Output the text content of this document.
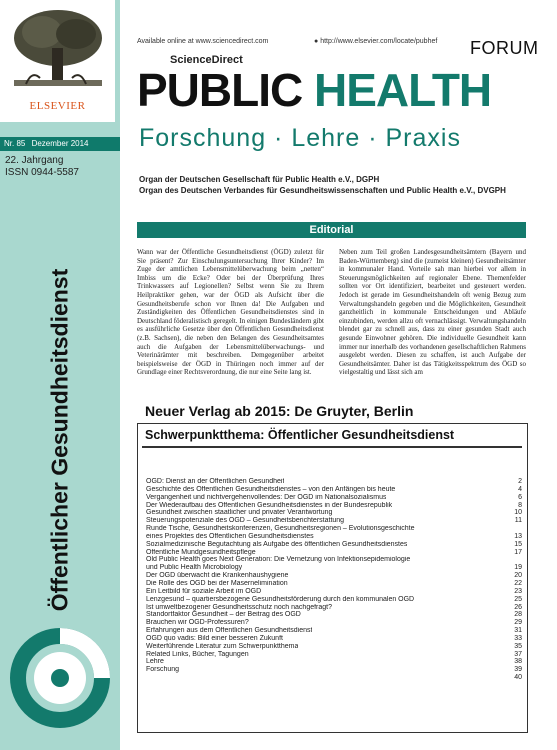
ELSEVIER
Nr. 85 Dezember 2014
22. Jahrgang
ISSN 0944-5587
Öffentlicher Gesundheitsdienst
Available online at www.sciencedirect.com
ScienceDirect
● http://www.elsevier.com/locate/pubhef FORUM
PUBLIC HEALTH
Forschung · Lehre · Praxis
Organ der Deutschen Gesellschaft für Public Health e.V., DGPH
Organ des Deutschen Verbandes für Gesundheitswissenschaften und Public Health e.V., DVGPH
Editorial
Wann war der Öffentliche Gesundheitsdienst (ÖGD) zuletzt für Sie präsent? Zur Einschulungsuntersuchung Ihrer Kinder? Im Zuge der amtlichen Lebensmittelüberwachung beim „netten“ Imbiss um die Ecke? Oder bei der Überprüfung Ihres Trinkwassers auf Legionellen? Selbst wenn Sie zu Ihrem Heilpraktiker gehen, war der ÖGD als Aufsicht über die Gesundheitsberufe schon vor Ihnen da! Die Aufgaben und Zuständigkeiten des Öffentlichen Gesundheitsdienstes sind in Deutschland föderalistisch geregelt. In einigen Bundesländern gibt es ausführliche Gesetze über den Öffentlichen Gesundheitsdienst (z.B. Sachsen), die neben den Belangen des Gesundheitsamtes auch die Aufgaben der Lebensmittelüberwachungs- und Veterinärämter mit beschreiben. Demgegenüber arbeitet beispielsweise der ÖGD in Thüringen noch immer auf der Grundlage einer Rechtsverordnung, die nur eine Seite lang ist.
Neben zum Teil großen Landesgesundheitsämtern (Bayern und Baden-Württemberg) sind die (zumeist kleinen) Gesundheitsämter in kommunaler Hand. Vorteile sah man hierbei vor allem in Steuerungsmöglichkeiten auf regionaler Ebene. Themenfelder sollten vor Ort identifiziert, bearbeitet und gesteuert werden. Jedoch ist gerade im Gesundheitshandeln oft wenig Bezug zum Verwaltungshandeln gegeben und die Möglichkeiten, Gesundheit ganzheitlich in kommunale Entscheidungen und Abläufe einzubinden, werden allzu oft vernachlässigt. Verwaltungshandeln blendet gar zu schnell aus, dass zu einer gesunden Stadt auch gesunde Einwohner gehören. Die individuelle Gesundheit kann immer nur innerhalb des vorhandenen gesellschaftlichen Rahmens ausgelebt werden. Diesen zu schaffen, ist auch Aufgabe der Gesundheitsämter. Daher ist das Tätigkeitsspektrum des ÖGD so vielgestaltig und lässt sich am
Neuer Verlag ab 2015: De Gruyter, Berlin
Schwerpunktthema: Öffentlicher Gesundheitsdienst
ÖGD: Dienst an der Öffentlichen Gesundheit	2
Geschichte des Öffentlichen Gesundheitsdienstes – von den Anfängen bis heute	4
Vergangenheit und nichtvergehenvollendes: Der ÖGD im Nationalsozialismus	6
Der Wiederaufbau des Öffentlichen Gesundheitsdienstes in der Bundesrepublik	8
Gesundheit zwischen staatlicher und privater Verantwortung	10
Steuerungspotenziale des ÖGD – Gesundheitsberichterstattung	11
Runde Tische, Gesundheitskonferenzen, Gesundheitsregionen – Evolutionsgeschichte
eines Projektes des Öffentlichen Gesundheitsdienstes	13
Sozialmedizinische Begutachtung als Aufgabe des öffentlichen Gesundheitsdienstes	15
Öffentliche Mundgesundheitspflege	17
Old Public Health goes Next Generation: Die Vernetzung von Infektionsepidemiologie
und Public Health Microbiology	19
Der ÖGD überwacht die Krankenhaushygiene	20
Die Rolle des ÖGD bei der Masernelimination	22
Ein Leitbild für soziale Arbeit im ÖGD	23
Lenzgesund – quartiersbezogene Gesundheitsförderung durch den kommunalen ÖGD	25
Ist umweltbezogener Gesundheitsschutz noch nachgefragt?	26
Standortfaktor Gesundheit – der Beitrag des ÖGD	28
Brauchen wir ÖGD-Professuren?	29
Erfahrungen aus dem Öffentlichen Gesundheitsdienst	31
ÖGD quo vadis: Bild einer besseren Zukunft	33
Weiterführende Literatur zum Schwerpunktthema	35
Related Links, Bücher, Tagungen	37
Lehre	38
Forschung	39
40
